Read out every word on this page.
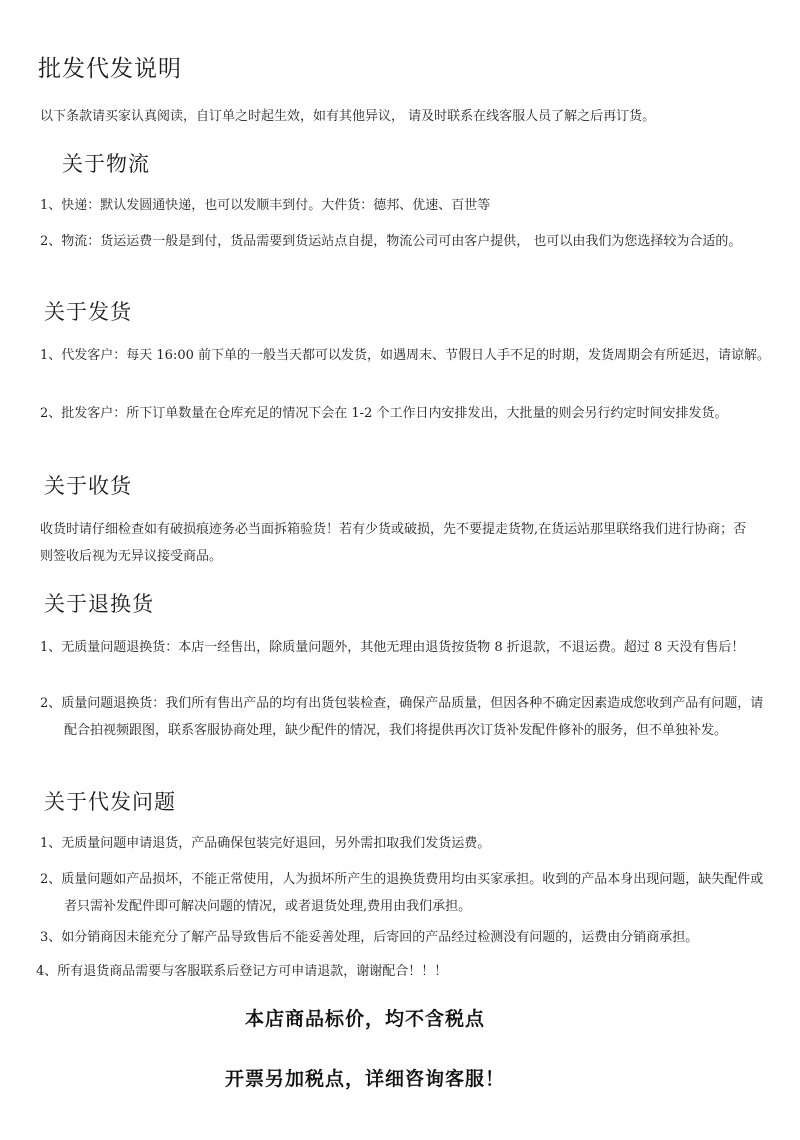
批发代发说明

以下条款请买家认真阅读，自订单之时起生效，如有其他异议， 请及时联系在线客服人员了解之后再订货。

关于物流

1、快递：默认发圆通快递，也可以发顺丰到付。大件货：德邦、优速、百世等

2、物流：货运运费一般是到付，货品需要到货运站点自提，物流公司可由客户提供， 也可以由我们为您选择较为合适的。

关于发货

1、代发客户：每天 16:00 前下单的一般当天都可以发货，如遇周末、节假日人手不足的时期，发货周期会有所延迟，请谅解。

2、批发客户：所下订单数量在仓库充足的情况下会在 1-2 个工作日内安排发出，大批量的则会另行约定时间安排发货。

关于收货

收货时请仔细检查如有破损痕迹务必当面拆箱验货！若有少货或破损，先不要提走货物,在货运站那里联络我们进行协商；否则签收后视为无异议接受商品。

关于退换货

1、无质量问题退换货：本店一经售出，除质量问题外，其他无理由退货按货物 8 折退款，不退运费。超过 8 天没有售后！

2、质量问题退换货：我们所有售出产品的均有出货包装检查，确保产品质量，但因各种不确定因素造成您收到产品有问题，请配合拍视频跟图，联系客服协商处理，缺少配件的情况，我们将提供再次订货补发配件修补的服务，但不单独补发。

关于代发问题

1、无质量问题申请退货，产品确保包装完好退回，另外需扣取我们发货运费。

2、质量问题如产品损坏，不能正常使用，人为损坏所产生的退换货费用均由买家承担。收到的产品本身出现问题，缺失配件或者只需补发配件即可解决问题的情况，或者退货处理,费用由我们承担。

3、如分销商因未能充分了解产品导致售后不能妥善处理，后寄回的产品经过检测没有问题的，运费由分销商承担。

4、所有退货商品需要与客服联系后登记方可申请退款，谢谢配合！！！

本店商品标价，均不含税点

开票另加税点，详细咨询客服！
